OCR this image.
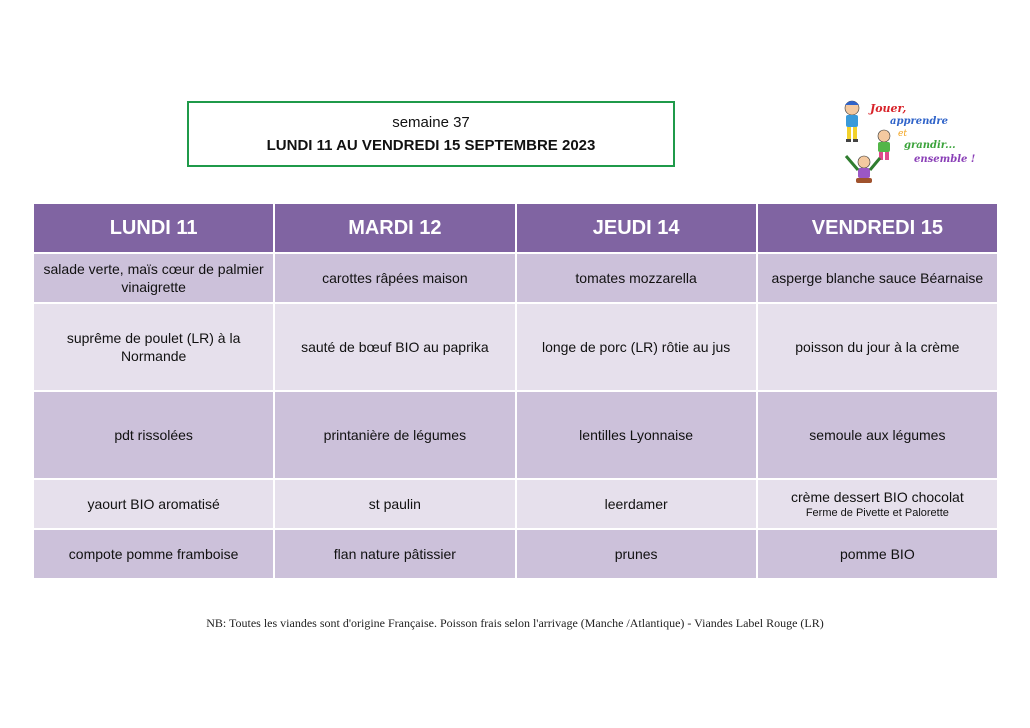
semaine 37
LUNDI 11 AU VENDREDI 15 SEPTEMBRE 2023
Jouer,
apprendre
et
grandir...
ensemble !
LUNDI 11	MARDI 12	JEUDI 14	VENDREDI 15
salade verte, maïs cœur de palmier vinaigrette	carottes râpées maison	tomates mozzarella	asperge blanche sauce Béarnaise
suprême de poulet (LR) à la Normande	sauté de bœuf BIO au paprika	longe de porc (LR) rôtie au jus	poisson du jour à la crème
pdt rissolées	printanière de légumes	lentilles Lyonnaise	semoule aux légumes
yaourt BIO aromatisé	st paulin	leerdamer	crème dessert BIO chocolat
Ferme de Pivette et Palorette

compote pomme framboise	flan nature pâtissier	prunes	pomme BIO
NB: Toutes les viandes sont d'origine Française. Poisson frais selon l'arrivage (Manche /Atlantique) - Viandes Label Rouge (LR)
